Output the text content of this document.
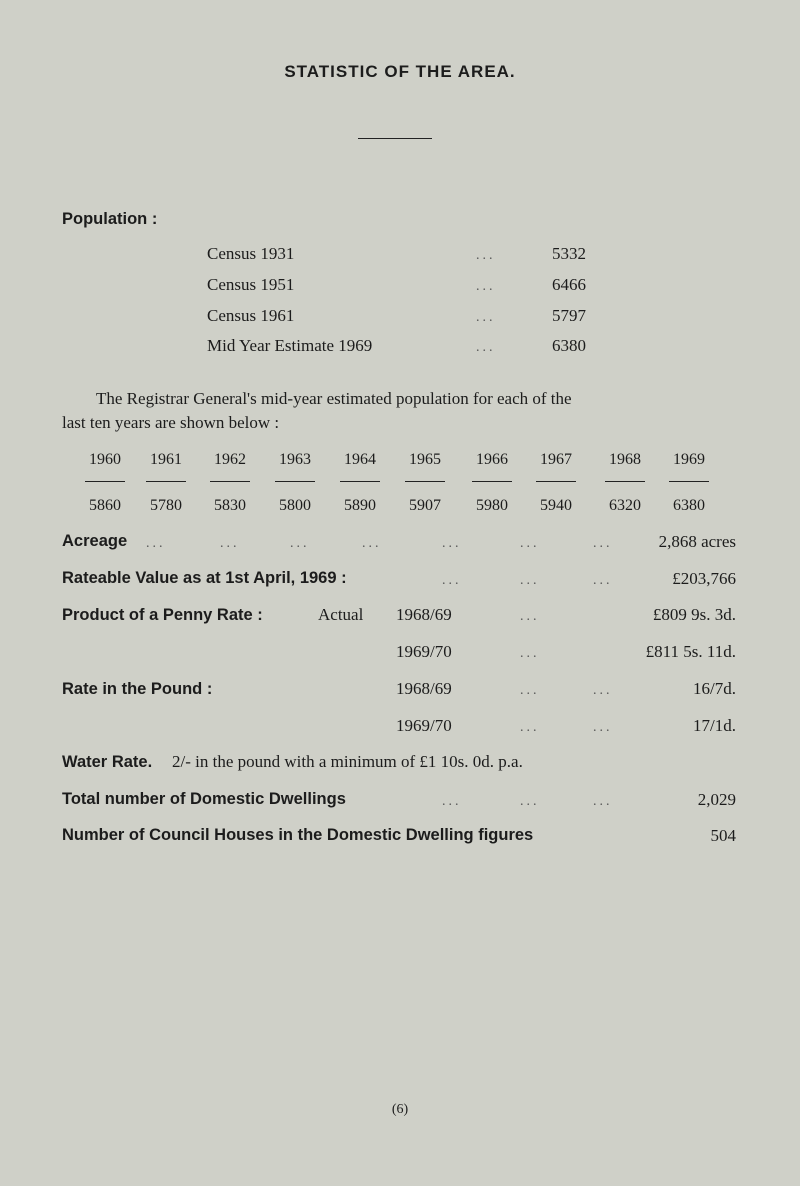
STATISTIC OF THE AREA.
Population :
Census 1931	...	5332
Census 1951	...	6466
Census 1961	...	5797
Mid Year Estimate 1969	...	6380
The Registrar General's mid-year estimated population for each of the
last ten years are shown below :
1960	1961	1962	1963	1964	1965	1966	1967	1968	1969
5860	5780	5830	5800	5890	5907	5980	5940	6320	6380
Acreage ...	...	...	...	...	...	...	2,868 acres
Rateable Value as at 1st April, 1969 :	...	...	...	£203,766
Product of a Penny Rate :	Actual 1968/69	...	£809 9s. 3d.
1969/70	...	£811 5s. 11d.
Rate in the Pound :	1968/69	...	...	16/7d.
1969/70	...	...	17/1d.
Water Rate. 2/- in the pound with a minimum of £1 10s. 0d. p.a.
Total number of Domestic Dwellings	...	...	...	2,029
Number of Council Houses in the Domestic Dwelling figures	504
(6)
